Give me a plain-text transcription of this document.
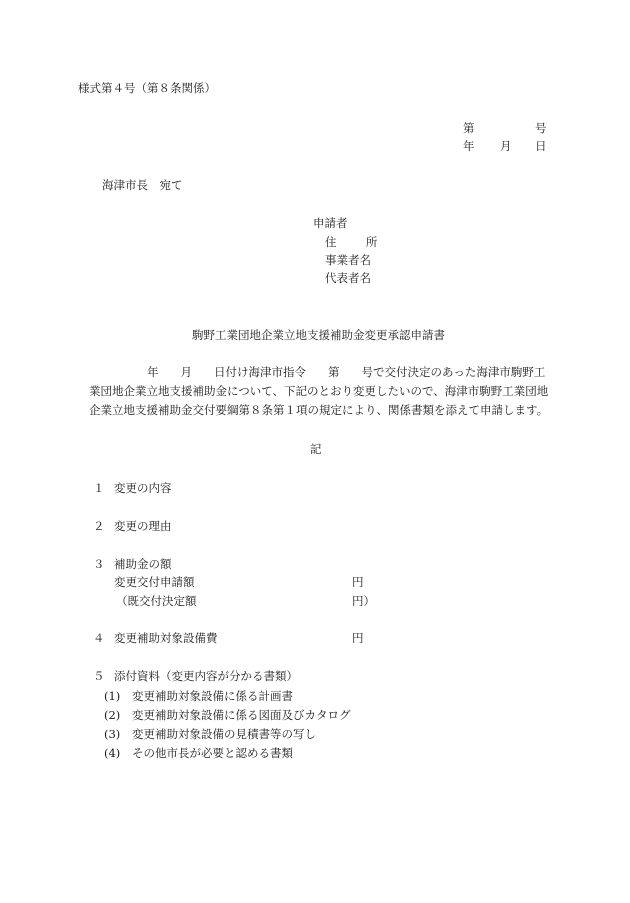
様式第４号（第８条関係）
第	号
年 月 日
海津市長　宛て
申請者
住	所
事業者名
代表者名
駒野工業団地企業立地支援補助金変更承認申請書
年 月 日付け海津市指令 第 号で交付決定のあった海津市駒野工
業団地企業立地支援補助金について、下記のとおり変更したいので、海津市駒野工業団地
企業立地支援補助金交付要綱第８条第１項の規定により、関係書類を添えて申請します。
記
１ 変更の内容
２ 変更の理由
３ 補助金の額
変更交付申請額	円
（既交付決定額	円）
４ 変更補助対象設備費	円
５ 添付資料（変更内容が分かる書類）
(1) 変更補助対象設備に係る計画書
(2) 変更補助対象設備に係る図面及びカタログ
(3) 変更補助対象設備の見積書等の写し
(4) その他市長が必要と認める書類
